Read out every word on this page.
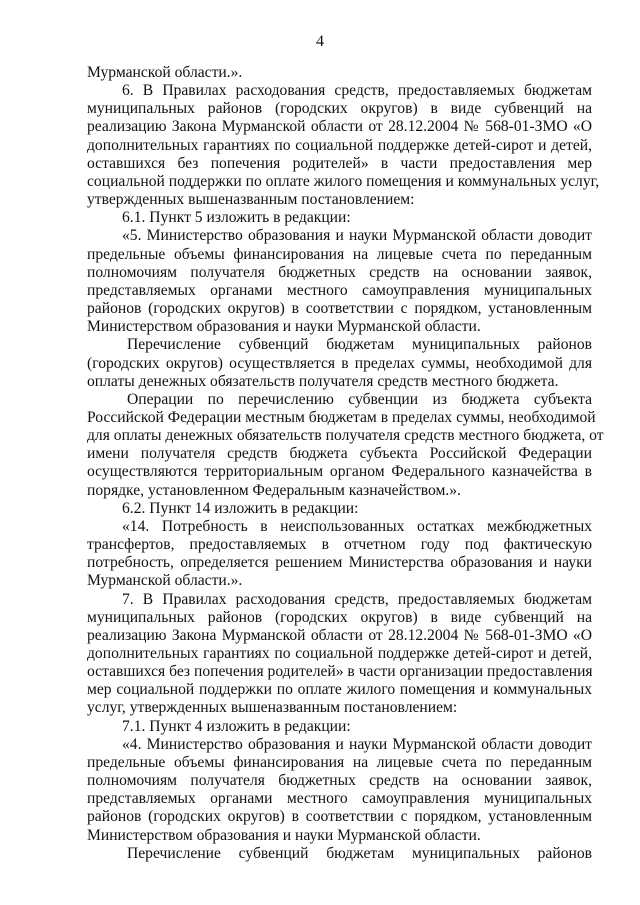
4

Мурманской области.».

6. В Правилах расходования средств, предоставляемых бюджетам

муниципальных районов (городских округов) в виде субвенций на

реализацию Закона Мурманской области от 28.12.2004 № 568-01-ЗМО «О

дополнительных гарантиях по социальной поддержке детей-сирот и детей,

оставшихся без попечения родителей» в части предоставления мер

социальной поддержки по оплате жилого помещения и коммунальных услуг,

утвержденных вышеназванным постановлением:

6.1. Пункт 5 изложить в редакции:

«5. Министерство образования и науки Мурманской области доводит

предельные объемы финансирования на лицевые счета по переданным

полномочиям получателя бюджетных средств на основании заявок,

представляемых органами местного самоуправления муниципальных

районов (городских округов) в соответствии с порядком, установленным

Министерством образования и науки Мурманской области.

Перечисление субвенций бюджетам муниципальных районов

(городских округов) осуществляется в пределах суммы, необходимой для

оплаты денежных обязательств получателя средств местного бюджета.

Операции по перечислению субвенции из бюджета субъекта

Российской Федерации местным бюджетам в пределах суммы, необходимой

для оплаты денежных обязательств получателя средств местного бюджета, от

имени получателя средств бюджета субъекта Российской Федерации

осуществляются территориальным органом Федерального казначейства в

порядке, установленном Федеральным казначейством.».

6.2. Пункт 14 изложить в редакции:

«14. Потребность в неиспользованных остатках межбюджетных

трансфертов, предоставляемых в отчетном году под фактическую

потребность, определяется решением Министерства образования и науки

Мурманской области.».

7. В Правилах расходования средств, предоставляемых бюджетам

муниципальных районов (городских округов) в виде субвенций на

реализацию Закона Мурманской области от 28.12.2004 № 568-01-ЗМО «О

дополнительных гарантиях по социальной поддержке детей-сирот и детей,

оставшихся без попечения родителей» в части организации предоставления

мер социальной поддержки по оплате жилого помещения и коммунальных

услуг, утвержденных вышеназванным постановлением:

7.1. Пункт 4 изложить в редакции:

«4. Министерство образования и науки Мурманской области доводит

предельные объемы финансирования на лицевые счета по переданным

полномочиям получателя бюджетных средств на основании заявок,

представляемых органами местного самоуправления муниципальных

районов (городских округов) в соответствии с порядком, установленным

Министерством образования и науки Мурманской области.

Перечисление субвенций бюджетам муниципальных районов
